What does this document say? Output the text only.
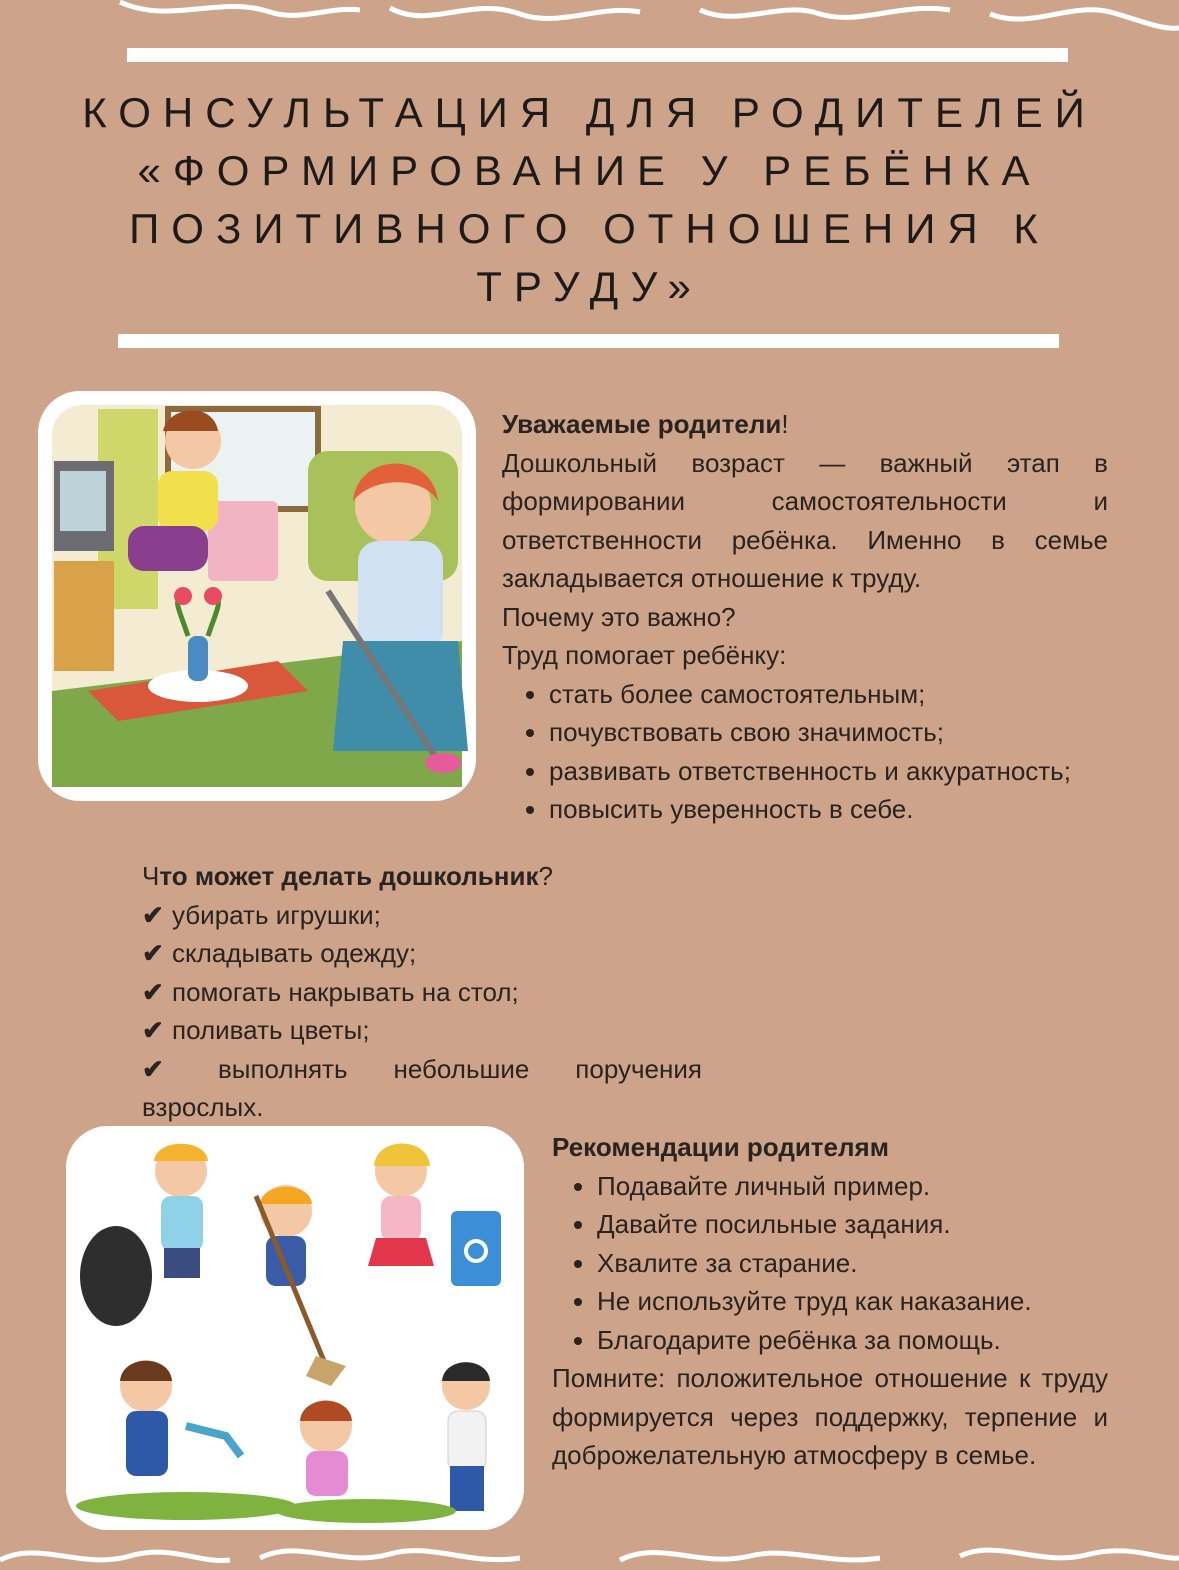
КОНСУЛЬТАЦИЯ ДЛЯ РОДИТЕЛЕЙ
«ФОРМИРОВАНИЕ У РЕБЁНКА
ПОЗИТИВНОГО ОТНОШЕНИЯ К
ТРУДУ»

Уважаемые родители!

Дошкольный возраст — важный этап в формировании самостоятельности и ответственности ребёнка. Именно в семье закладывается отношение к труду.

Почему это важно?

Труд помогает ребёнку:

• стать более самостоятельным;
• почувствовать свою значимость;
• развивать ответственность и аккуратность;
• повысить уверенность в себе.

Что может делать дошкольник?

✔ убирать игрушки;

✔ складывать одежду;

✔ помогать накрывать на стол;

✔ поливать цветы;

✔ выполнять небольшие поручения взрослых.

Рекомендации родителям

• Подавайте личный пример.
• Давайте посильные задания.
• Хвалите за старание.
• Не используйте труд как наказание.
• Благодарите ребёнка за помощь.

Помните: положительное отношение к труду формируется через поддержку, терпение и доброжелательную атмосферу в семье.
